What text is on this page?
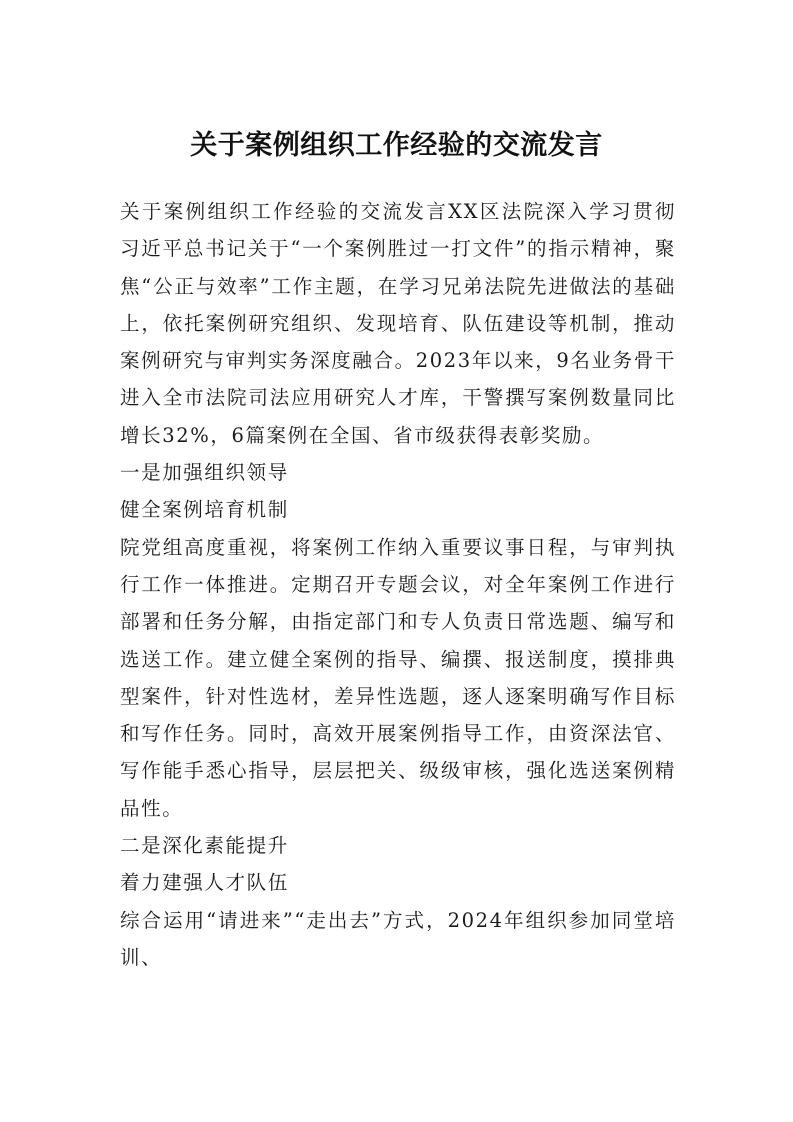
关于案例组织工作经验的交流发言

关于案例组织工作经验的交流发言XX区法院深入学习贯彻习近平总书记关于“一个案例胜过一打文件”的指示精神，聚焦“公正与效率”工作主题，在学习兄弟法院先进做法的基础上，依托案例研究组织、发现培育、队伍建设等机制，推动案例研究与审判实务深度融合。2023年以来，9名业务骨干进入全市法院司法应用研究人才库，干警撰写案例数量同比增长32%，6篇案例在全国、省市级获得表彰奖励。

一是加强组织领导

健全案例培育机制

院党组高度重视，将案例工作纳入重要议事日程，与审判执行工作一体推进。定期召开专题会议，对全年案例工作进行部署和任务分解，由指定部门和专人负责日常选题、编写和选送工作。建立健全案例的指导、编撰、报送制度，摸排典型案件，针对性选材，差异性选题，逐人逐案明确写作目标和写作任务。同时，高效开展案例指导工作，由资深法官、写作能手悉心指导，层层把关、级级审核，强化选送案例精品性。

二是深化素能提升

着力建强人才队伍

综合运用“请进来”“走出去”方式，2024年组织参加同堂培训、
